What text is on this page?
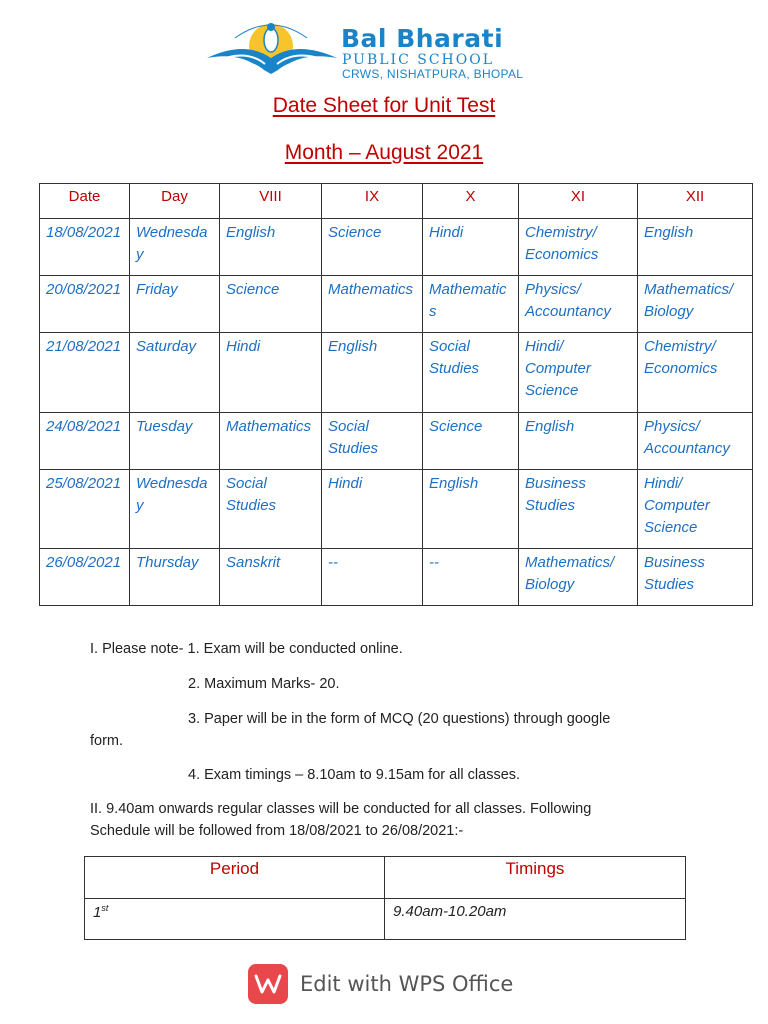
Bal Bharati
PUBLIC SCHOOL
CRWS, NISHATPURA, BHOPAL
Date Sheet for Unit Test
Month – August 2021
Date	Day	VIII	IX	X	XI	XII
18/08/2021	Wednesday	English	Science	Hindi	Chemistry/ Economics	English
20/08/2021	Friday	Science	Mathematics	Mathematics	Physics/ Accountancy	Mathematics/ Biology
21/08/2021	Saturday	Hindi	English	Social Studies	Hindi/ Computer Science	Chemistry/ Economics
24/08/2021	Tuesday	Mathematics	Social Studies	Science	English	Physics/ Accountancy
25/08/2021	Wednesday	Social Studies	Hindi	English	Business Studies	Hindi/ Computer Science
26/08/2021	Thursday	Sanskrit	--	--	Mathematics/ Biology	Business Studies
I. Please note- 1. Exam will be conducted online.
2. Maximum Marks- 20.
3. Paper will be in the form of MCQ (20 questions) through google
form.
4. Exam timings – 8.10am to 9.15am for all classes.
II. 9.40am onwards regular classes will be conducted for all classes. Following
Schedule will be followed from 18/08/2021 to 26/08/2021:-
Period	Timings
1st	9.40am-10.20am
Edit with WPS Office
